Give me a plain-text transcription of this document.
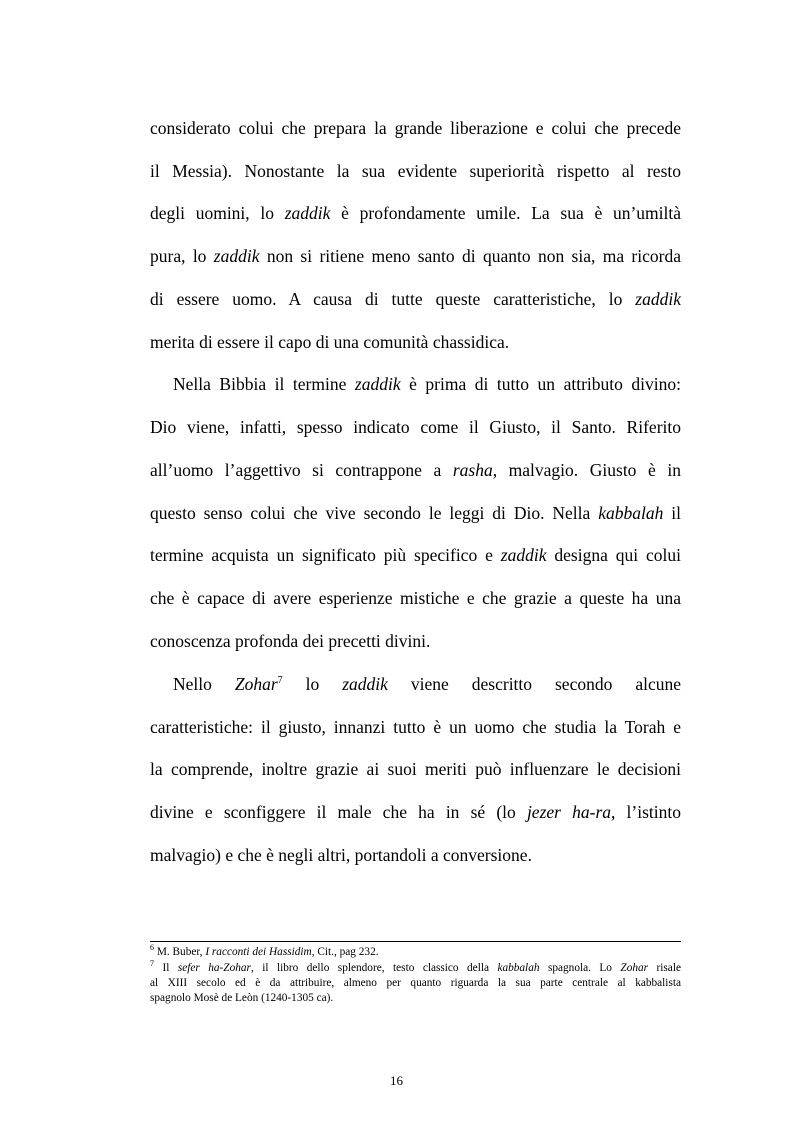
considerato colui che prepara la grande liberazione e colui che precede
il Messia). Nonostante la sua evidente superiorità rispetto al resto
degli uomini, lo zaddik è profondamente umile. La sua è un’umiltà
pura, lo zaddik non si ritiene meno santo di quanto non sia, ma ricorda
di essere uomo. A causa di tutte queste caratteristiche, lo zaddik
merita di essere il capo di una comunità chassidica.
Nella Bibbia il termine zaddik è prima di tutto un attributo divino:
Dio viene, infatti, spesso indicato come il Giusto, il Santo. Riferito
all’uomo l’aggettivo si contrappone a rasha, malvagio. Giusto è in
questo senso colui che vive secondo le leggi di Dio. Nella kabbalah il
termine acquista un significato più specifico e zaddik designa qui colui
che è capace di avere esperienze mistiche e che grazie a queste ha una
conoscenza profonda dei precetti divini.
Nello Zohar$^7$ lo zaddik viene descritto secondo alcune
caratteristiche: il giusto, innanzi tutto è un uomo che studia la Torah e
la comprende, inoltre grazie ai suoi meriti può influenzare le decisioni
divine e sconfiggere il male che ha in sé (lo jezer ha-ra, l’istinto
malvagio) e che è negli altri, portandoli a conversione.
$^6$ M. Buber, I racconti dei Hassidim, Cit., pag 232.
$^7$ Il sefer ha-Zohar, il libro dello splendore, testo classico della kabbalah spagnola. Lo Zohar risale
al XIII secolo ed è da attribuire, almeno per quanto riguarda la sua parte centrale al kabbalista
spagnolo Mosè de Leòn (1240-1305 ca).
16
